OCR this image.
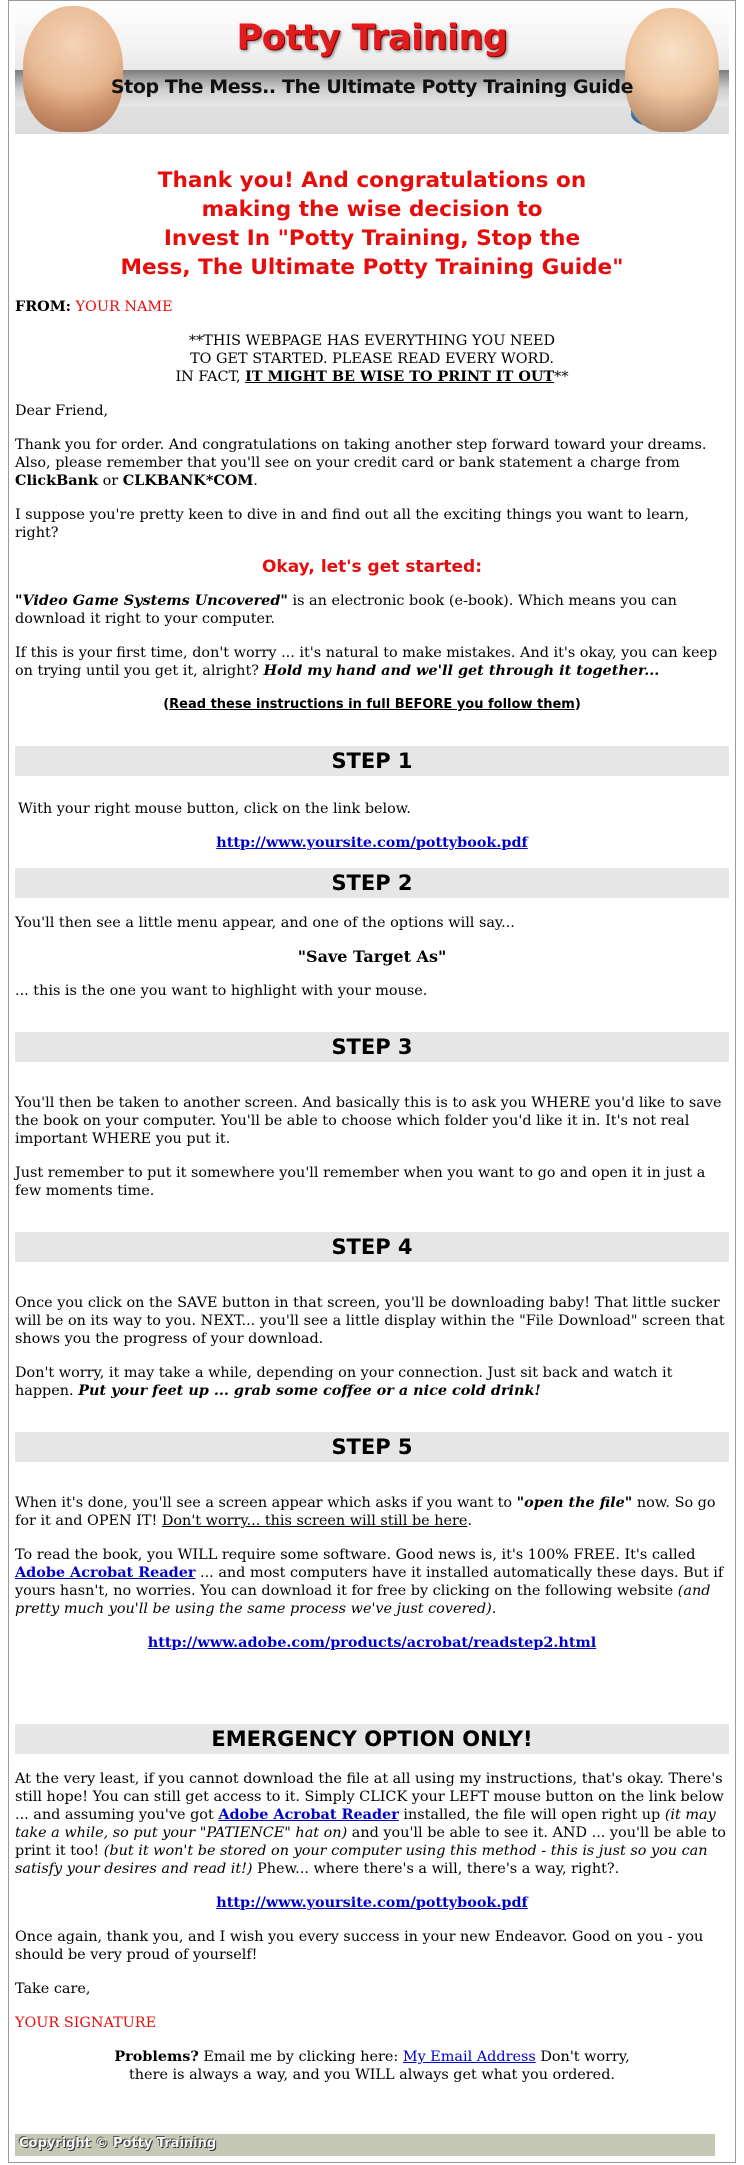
Potty Training
Stop The Mess.. The Ultimate Potty Training Guide
Thank you! And congratulations on
making the wise decision to
Invest In "Potty Training, Stop the
Mess, The Ultimate Potty Training Guide"

FROM: YOUR NAME

**THIS WEBPAGE HAS EVERYTHING YOU NEED
TO GET STARTED. PLEASE READ EVERY WORD.
IN FACT, IT MIGHT BE WISE TO PRINT IT OUT**

Dear Friend,

Thank you for order. And congratulations on taking another step forward toward your dreams. Also, please remember that you'll see on your credit card or bank statement a charge from ClickBank or CLKBANK*COM.

I suppose you're pretty keen to dive in and find out all the exciting things you want to learn, right?

Okay, let's get started:

"Video Game Systems Uncovered" is an electronic book (e-book). Which means you can download it right to your computer.

If this is your first time, don't worry ... it's natural to make mistakes. And it's okay, you can keep on trying until you get it, alright? Hold my hand and we'll get through it together...

(Read these instructions in full BEFORE you follow them)

STEP 1

With your right mouse button, click on the link below.

http://www.yoursite.com/pottybook.pdf

STEP 2

You'll then see a little menu appear, and one of the options will say...

"Save Target As"

... this is the one you want to highlight with your mouse.

STEP 3

You'll then be taken to another screen. And basically this is to ask you WHERE you'd like to save the book on your computer. You'll be able to choose which folder you'd like it in. It's not real important WHERE you put it.

Just remember to put it somewhere you'll remember when you want to go and open it in just a few moments time.

STEP 4

Once you click on the SAVE button in that screen, you'll be downloading baby! That little sucker will be on its way to you. NEXT... you'll see a little display within the "File Download" screen that shows you the progress of your download.

Don't worry, it may take a while, depending on your connection. Just sit back and watch it happen. Put your feet up ... grab some coffee or a nice cold drink!

STEP 5

When it's done, you'll see a screen appear which asks if you want to "open the file" now. So go for it and OPEN IT! Don't worry... this screen will still be here.

To read the book, you WILL require some software. Good news is, it's 100% FREE. It's called Adobe Acrobat Reader ... and most computers have it installed automatically these days. But if yours hasn't, no worries. You can download it for free by clicking on the following website (and pretty much you'll be using the same process we've just covered).

http://www.adobe.com/products/acrobat/readstep2.html

EMERGENCY OPTION ONLY!

At the very least, if you cannot download the file at all using my instructions, that's okay. There's still hope! You can still get access to it. Simply CLICK your LEFT mouse button on the link below ... and assuming you've got Adobe Acrobat Reader installed, the file will open right up (it may take a while, so put your "PATIENCE" hat on) and you'll be able to see it. AND ... you'll be able to print it too! (but it won't be stored on your computer using this method - this is just so you can satisfy your desires and read it!) Phew... where there's a will, there's a way, right?.

http://www.yoursite.com/pottybook.pdf

Once again, thank you, and I wish you every success in your new Endeavor. Good on you - you should be very proud of yourself!

Take care,

YOUR SIGNATURE

Problems? Email me by clicking here: My Email Address Don't worry,
there is always a way, and you WILL always get what you ordered.

Copyright © Potty Training
